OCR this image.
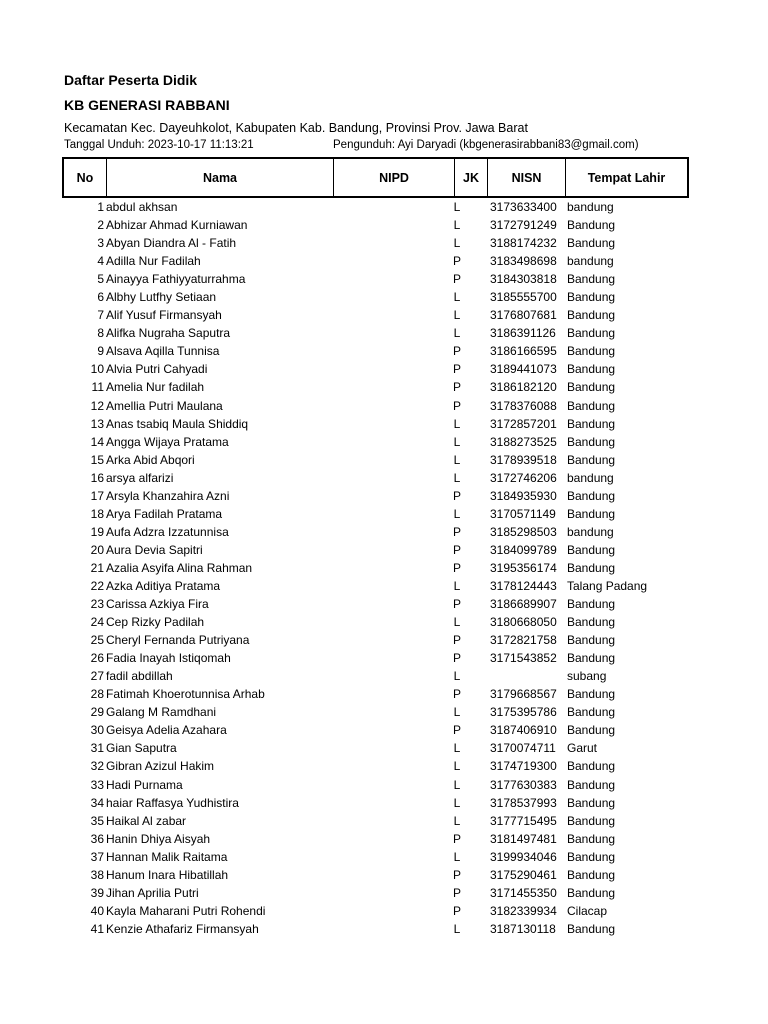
Daftar Peserta Didik
KB GENERASI RABBANI
Kecamatan Kec. Dayeuhkolot, Kabupaten Kab. Bandung, Provinsi Prov. Jawa Barat
Tanggal Unduh: 2023-10-17 11:13:21	Pengunduh: Ayi Daryadi (kbgenerasirabbani83@gmail.com)
No	Nama	NIPD	JK	NISN	Tempat Lahir
1 abdul akhsan	L 3173633400 bandung
2 Abhizar Ahmad Kurniawan	L 3172791249 Bandung
3 Abyan Diandra Al - Fatih	L 3188174232 Bandung
4 Adilla Nur Fadilah	P 3183498698 bandung
5 Ainayya Fathiyyaturrahma	P 3184303818 Bandung
6 Albhy Lutfhy Setiaan	L 3185555700 Bandung
7 Alif Yusuf Firmansyah	L 3176807681 Bandung
8 Alifka Nugraha Saputra	L 3186391126 Bandung
9 Alsava Aqilla Tunnisa	P 3186166595 Bandung
10 Alvia Putri Cahyadi	P 3189441073 Bandung
11 Amelia Nur fadilah	P 3186182120 Bandung
12 Amellia Putri Maulana	P 3178376088 Bandung
13 Anas tsabiq Maula Shiddiq	L 3172857201 Bandung
14 Angga Wijaya Pratama	L 3188273525 Bandung
15 Arka Abid Abqori	L 3178939518 Bandung
16 arsya alfarizi	L 3172746206 bandung
17 Arsyla Khanzahira Azni	P 3184935930 Bandung
18 Arya Fadilah Pratama	L 3170571149 Bandung
19 Aufa Adzra Izzatunnisa	P 3185298503 bandung
20 Aura Devia Sapitri	P 3184099789 Bandung
21 Azalia Asyifa Alina Rahman	P 3195356174 Bandung
22 Azka Aditiya Pratama	L 3178124443 Talang Padang
23 Carissa Azkiya Fira	P 3186689907 Bandung
24 Cep Rizky Padilah	L 3180668050 Bandung
25 Cheryl Fernanda Putriyana	P 3172821758 Bandung
26 Fadia Inayah Istiqomah	P 3171543852 Bandung
27 fadil abdillah	L	subang
28 Fatimah Khoerotunnisa Arhab	P 3179668567 Bandung
29 Galang M Ramdhani	L 3175395786 Bandung
30 Geisya Adelia Azahara	P 3187406910 Bandung
31 Gian Saputra	L 3170074711 Garut
32 Gibran Azizul Hakim	L 3174719300 Bandung
33 Hadi Purnama	L 3177630383 Bandung
34 haiar Raffasya Yudhistira	L 3178537993 Bandung
35 Haikal Al zabar	L 3177715495 Bandung
36 Hanin Dhiya Aisyah	P 3181497481 Bandung
37 Hannan Malik Raitama	L 3199934046 Bandung
38 Hanum Inara Hibatillah	P 3175290461 Bandung
39 Jihan Aprilia Putri	P 3171455350 Bandung
40 Kayla Maharani Putri Rohendi	P 3182339934 Cilacap
41 Kenzie Athafariz Firmansyah	L 3187130118 Bandung
